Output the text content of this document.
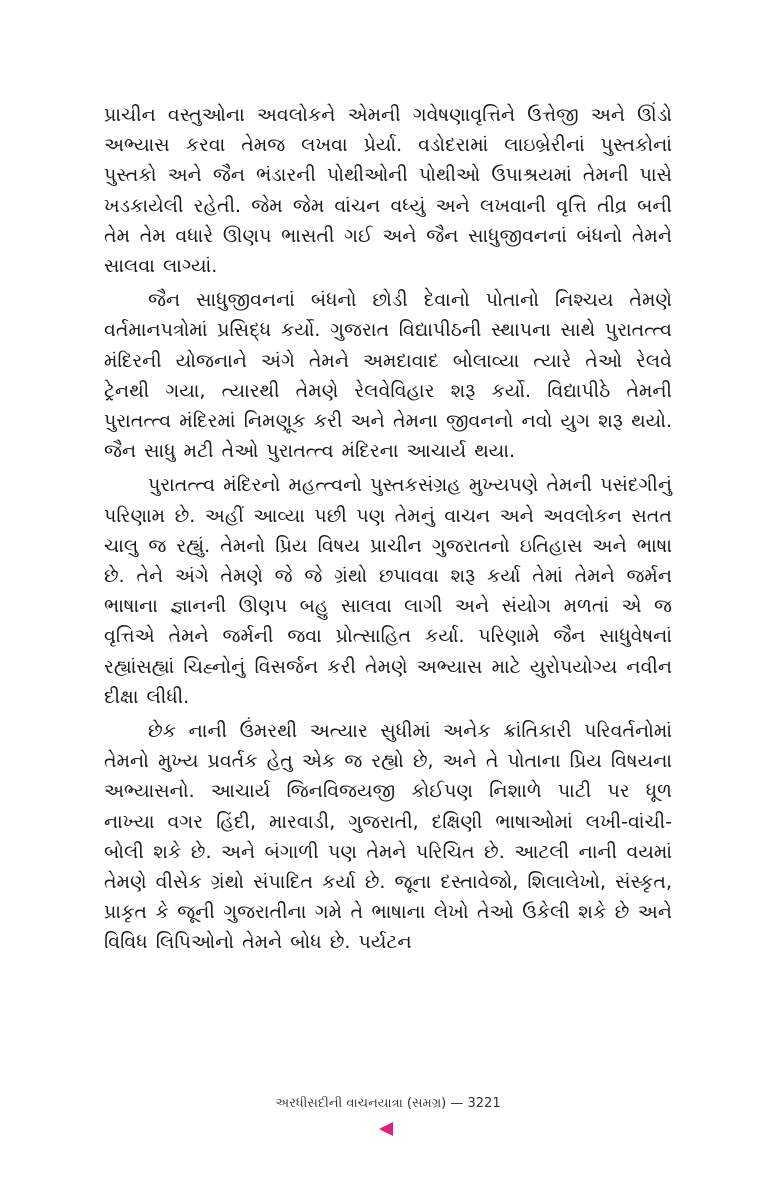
પ્રાચીન વસ્તુઓના અવલોકને એમની ગવેષણાવૃત્તિને ઉત્તેજી અને ઊંડો અભ્યાસ કરવા તેમજ લખવા પ્રેર્યા. વડોદરામાં લાઇબ્રેરીનાં પુસ્તકોનાં પુસ્તકો અને જૈન ભંડારની પોથીઓની પોથીઓ ઉપાશ્રયમાં તેમની પાસે ખડકાયેલી રહેતી. જેમ જેમ વાંચન વધ્યું અને લખવાની વૃત્તિ તીવ્ર બની તેમ તેમ વધારે ઊણપ ભાસતી ગઈ અને જૈન સાધુજીવનનાં બંધનો તેમને સાલવા લાગ્યાં.

જૈન સાધુજીવનનાં બંધનો છોડી દેવાનો પોતાનો નિશ્ચય તેમણે વર્તમાનપત્રોમાં પ્રસિદ્ધ કર્યો. ગુજરાત વિદ્યાપીઠની સ્થાપના સાથે પુરાતત્ત્વ મંદિરની યોજનાને અંગે તેમને અમદાવાદ બોલાવ્યા ત્યારે તેઓ રેલવે ટ્રેનથી ગયા, ત્યારથી તેમણે રેલવેવિહાર શરૂ કર્યો. વિદ્યાપીઠે તેમની પુરાતત્ત્વ મંદિરમાં નિમણૂક કરી અને તેમના જીવનનો નવો યુગ શરૂ થયો. જૈન સાધુ મટી તેઓ પુરાતત્ત્વ મંદિરના આચાર્ય થયા.

પુરાતત્ત્વ મંદિરનો મહત્ત્વનો પુસ્તકસંગ્રહ મુખ્યપણે તેમની પસંદગીનું પરિણામ છે. અહીં આવ્યા પછી પણ તેમનું વાચન અને અવલોકન સતત ચાલુ જ રહ્યું. તેમનો પ્રિય વિષય પ્રાચીન ગુજરાતનો ઇતિહાસ અને ભાષા છે. તેને અંગે તેમણે જે જે ગ્રંથો છપાવવા શરૂ કર્યા તેમાં તેમને જર્મન ભાષાના જ્ઞાનની ઊણપ બહુ સાલવા લાગી અને સંયોગ મળતાં એ જ વૃત્તિએ તેમને જર્મની જવા પ્રોત્સાહિત કર્યા. પરિણામે જૈન સાધુવેષનાં રહ્યાંસહ્યાં ચિહ્નોનું વિસર્જન કરી તેમણે અભ્યાસ માટે યુરોપયોગ્ય નવીન દીક્ષા લીધી.

છેક નાની ઉંમરથી અત્યાર સુધીમાં અનેક ક્રાંતિકારી પરિવર્તનોમાં તેમનો મુખ્ય પ્રવર્તક હેતુ એક જ રહ્યો છે, અને તે પોતાના પ્રિય વિષયના અભ્યાસનો. આચાર્ય જિનવિજયજી કોઈપણ નિશાળે પાટી પર ધૂળ નાખ્યા વગર હિંદી, મારવાડી, ગુજરાતી, દક્ષિણી ભાષાઓમાં લખી-વાંચી-બોલી શકે છે. અને બંગાળી પણ તેમને પરિચિત છે. આટલી નાની વયમાં તેમણે વીસેક ગ્રંથો સંપાદિત કર્યા છે. જૂના દસ્તાવેજો, શિલાલેખો, સંસ્કૃત, પ્રાકૃત કે જૂની ગુજરાતીના ગમે તે ભાષાના લેખો તેઓ ઉકેલી શકે છે અને વિવિધ લિપિઓનો તેમને બોધ છે. પર્યટન

અરધીસદીની વાચનયાત્રા (સમગ્ર) — 3221
